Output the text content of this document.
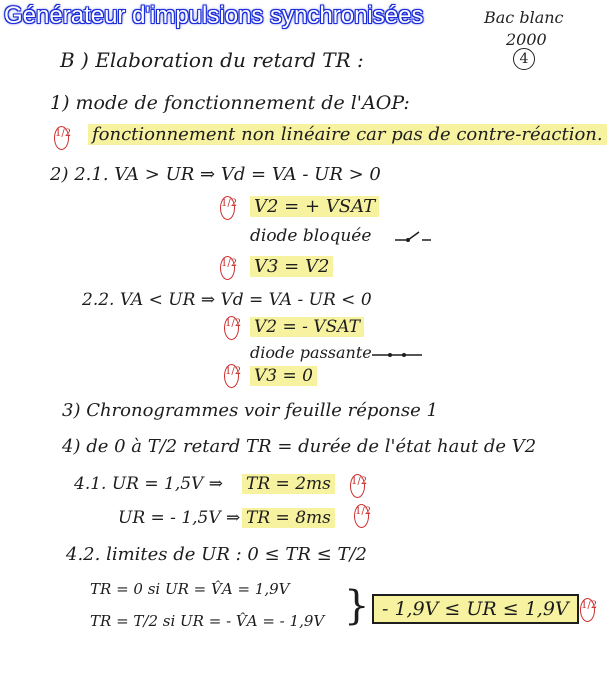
Générateur d'impulsions synchronisées	Bac blanc
2000
4
B ) Elaboration du retard TR :
1) mode de fonctionnement de l'AOP:
1/2 fonctionnement non linéaire car pas de contre-réaction.
2) 2.1. VA > UR ⇒ Vd = VA - UR > 0
1/2 V2 = + VSAT
diode bloquée
1/2 V3 = V2
2.2. VA < UR ⇒ Vd = VA - UR < 0
1/2 V2 = - VSAT
diode passante
1/2 V3 = 0
3) Chronogrammes voir feuille réponse 1
4) de 0 à T/2 retard TR = durée de l'état haut de V2
4.1. UR = 1,5V ⇒ TR = 2ms	1/2
UR = - 1,5V ⇒ TR = 8ms	1/2
4.2. limites de UR : 0 ≤ TR ≤ T/2
TR = 0 si UR = V̂A = 1,9V
TR = T/2 si UR = - V̂A = - 1,9V } - 1,9V ≤ UR ≤ 1,9V	1/2
